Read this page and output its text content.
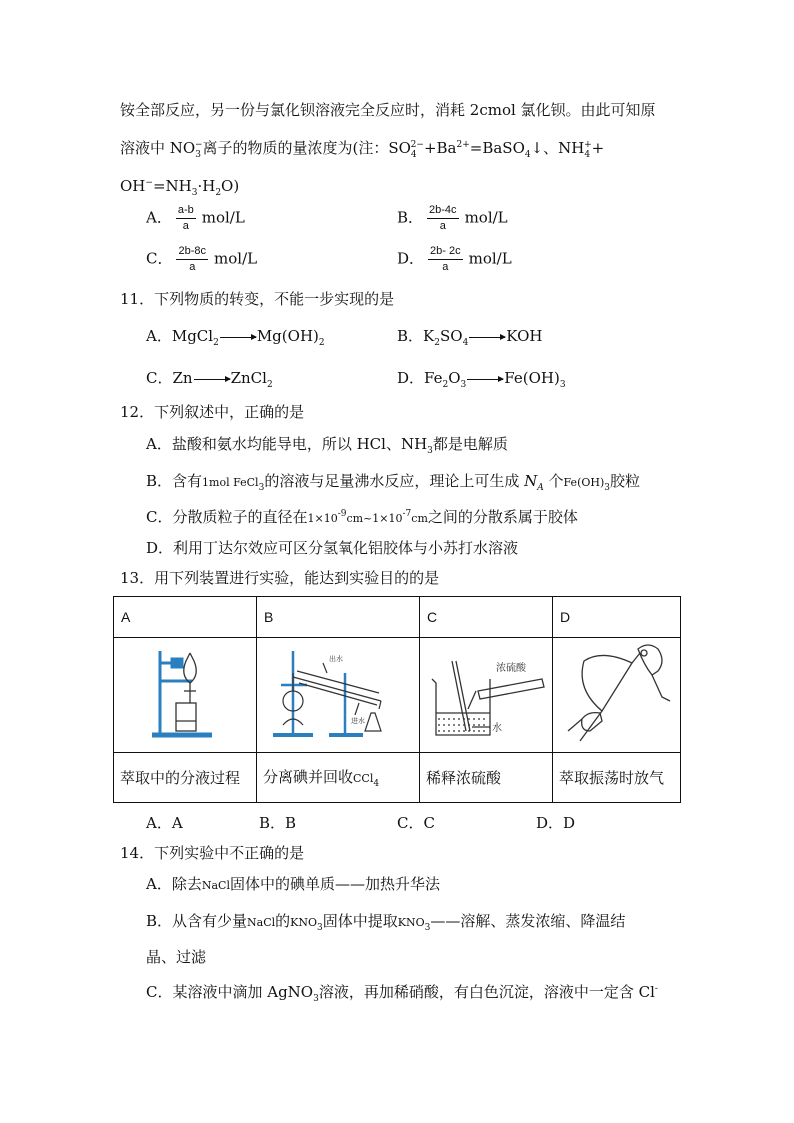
铵全部反应，另一份与氯化钡溶液完全反应时，消耗 2cmol 氯化钡。由此可知原
溶液中 $NO_3^-$离子的物质的量浓度为(注：$SO_4^{2-}+Ba^{2+}=BaSO_4↓$、$NH_4^++$
$OH^-=NH_3\cdot H_2O$)
A． $\frac{a-b}{a} mol/L$	B． $\frac{2b-4c}{a} mol/L$
C． $\frac{2b-8c}{a} mol/L$	D． $\frac{2b- 2c}{a} mol/L$
11．下列物质的转变，不能一步实现的是
A．MgCl$_2$	$Mg(OH)_2$	B．$K_2SO_4$	KOH
C．Zn	ZnCl$_2$	D．$Fe_2O_3$	$Fe(OH)_3$
12．下列叙述中，正确的是
A．盐酸和氨水均能导电，所以 HCl、$NH_3$都是电解质
B．含有1mol FeCl$_3$的溶液与足量沸水反应，理论上可生成 $N_A$ 个$Fe(OH)_3$胶粒
C．分散质粒子的直径在$1\times 10^{-9}cm\sim 1\times 10^{-7}cm$之间的分散系属于胶体
D．利用丁达尔效应可区分氢氧化铝胶体与小苏打水溶液
13．用下列装置进行实验，能达到实验目的的是
A	B	C	D

出水
进水	浓硫酸
水

萃取中的分液过程	分离碘并回收CCl$_4$	稀释浓硫酸	萃取振荡时放气
A．A	B．B	C．C	D．D
14．下列实验中不正确的是
A．除去NaCl固体中的碘单质——加热升华法
B．从含有少量NaCl的$KNO_3$固体中提取$KNO_3——$溶解、蒸发浓缩、降温结
晶、过滤
C．某溶液中滴加 AgNO$_3$溶液，再加稀硝酸，有白色沉淀，溶液中一定含 Cl-
